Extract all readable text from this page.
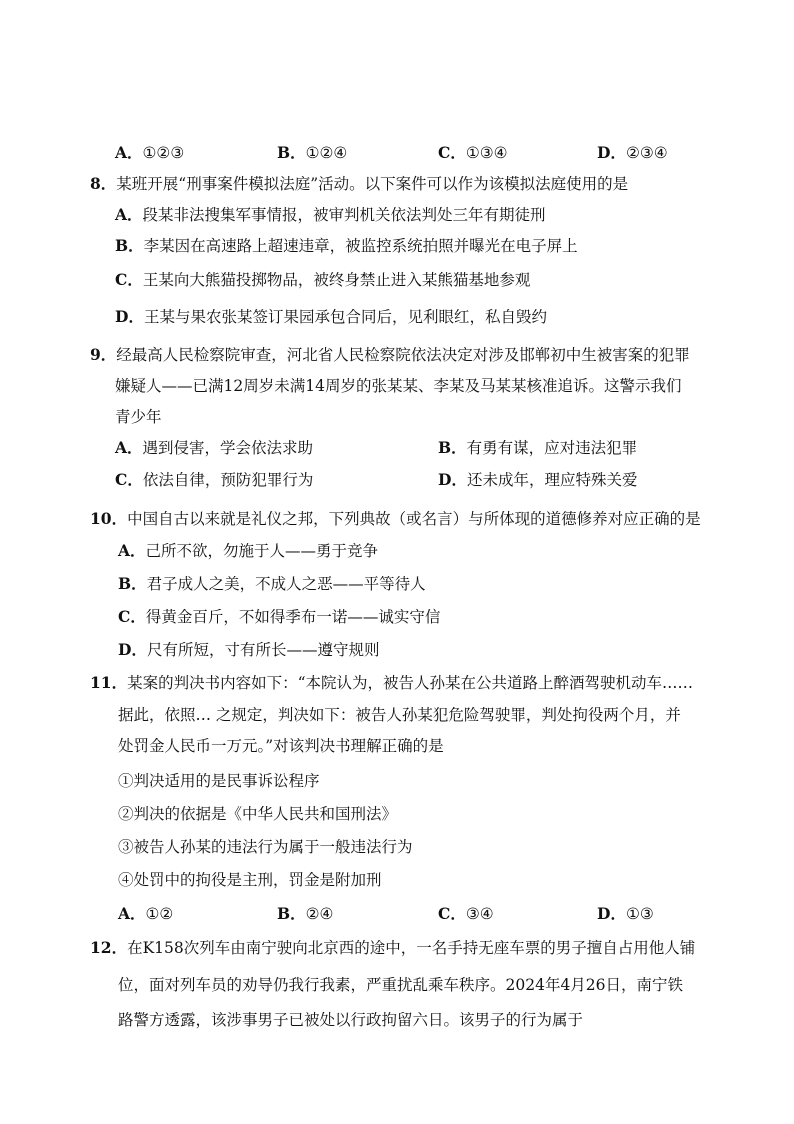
A．①②③	B．①②④	C．①③④	D．②③④
8．某班开展“刑事案件模拟法庭”活动。以下案件可以作为该模拟法庭使用的是
A．段某非法搜集军事情报，被审判机关依法判处三年有期徒刑
B．李某因在高速路上超速违章，被监控系统拍照并曝光在电子屏上
C．王某向大熊猫投掷物品，被终身禁止进入某熊猫基地参观
D．王某与果农张某签订果园承包合同后，见利眼红，私自毁约
9．经最高人民检察院审查，河北省人民检察院依法决定对涉及邯郸初中生被害案的犯罪
嫌疑人——已满12周岁未满14周岁的张某某、李某及马某某核准追诉。这警示我们
青少年
A．遇到侵害，学会依法求助	B．有勇有谋，应对违法犯罪
C．依法自律，预防犯罪行为	D．还未成年，理应特殊关爱
10．中国自古以来就是礼仪之邦，下列典故（或名言）与所体现的道德修养对应正确的是
A．己所不欲，勿施于人——勇于竞争
B．君子成人之美，不成人之恶——平等待人
C．得黄金百斤，不如得季布一诺——诚实守信
D．尺有所短，寸有所长——遵守规则
11．某案的判决书内容如下：“本院认为，被告人孙某在公共道路上醉酒驾驶机动车……
据此，依照… 之规定，判决如下：被告人孙某犯危险驾驶罪，判处拘役两个月，并
处罚金人民币一万元。”对该判决书理解正确的是
①判决适用的是民事诉讼程序
②判决的依据是《中华人民共和国刑法》
③被告人孙某的违法行为属于一般违法行为
④处罚中的拘役是主刑，罚金是附加刑
A．①②	B．②④	C．③④	D．①③
12．在K158次列车由南宁驶向北京西的途中，一名手持无座车票的男子擅自占用他人铺
位，面对列车员的劝导仍我行我素，严重扰乱乘车秩序。2024年4月26日，南宁铁
路警方透露，该涉事男子已被处以行政拘留六日。该男子的行为属于
